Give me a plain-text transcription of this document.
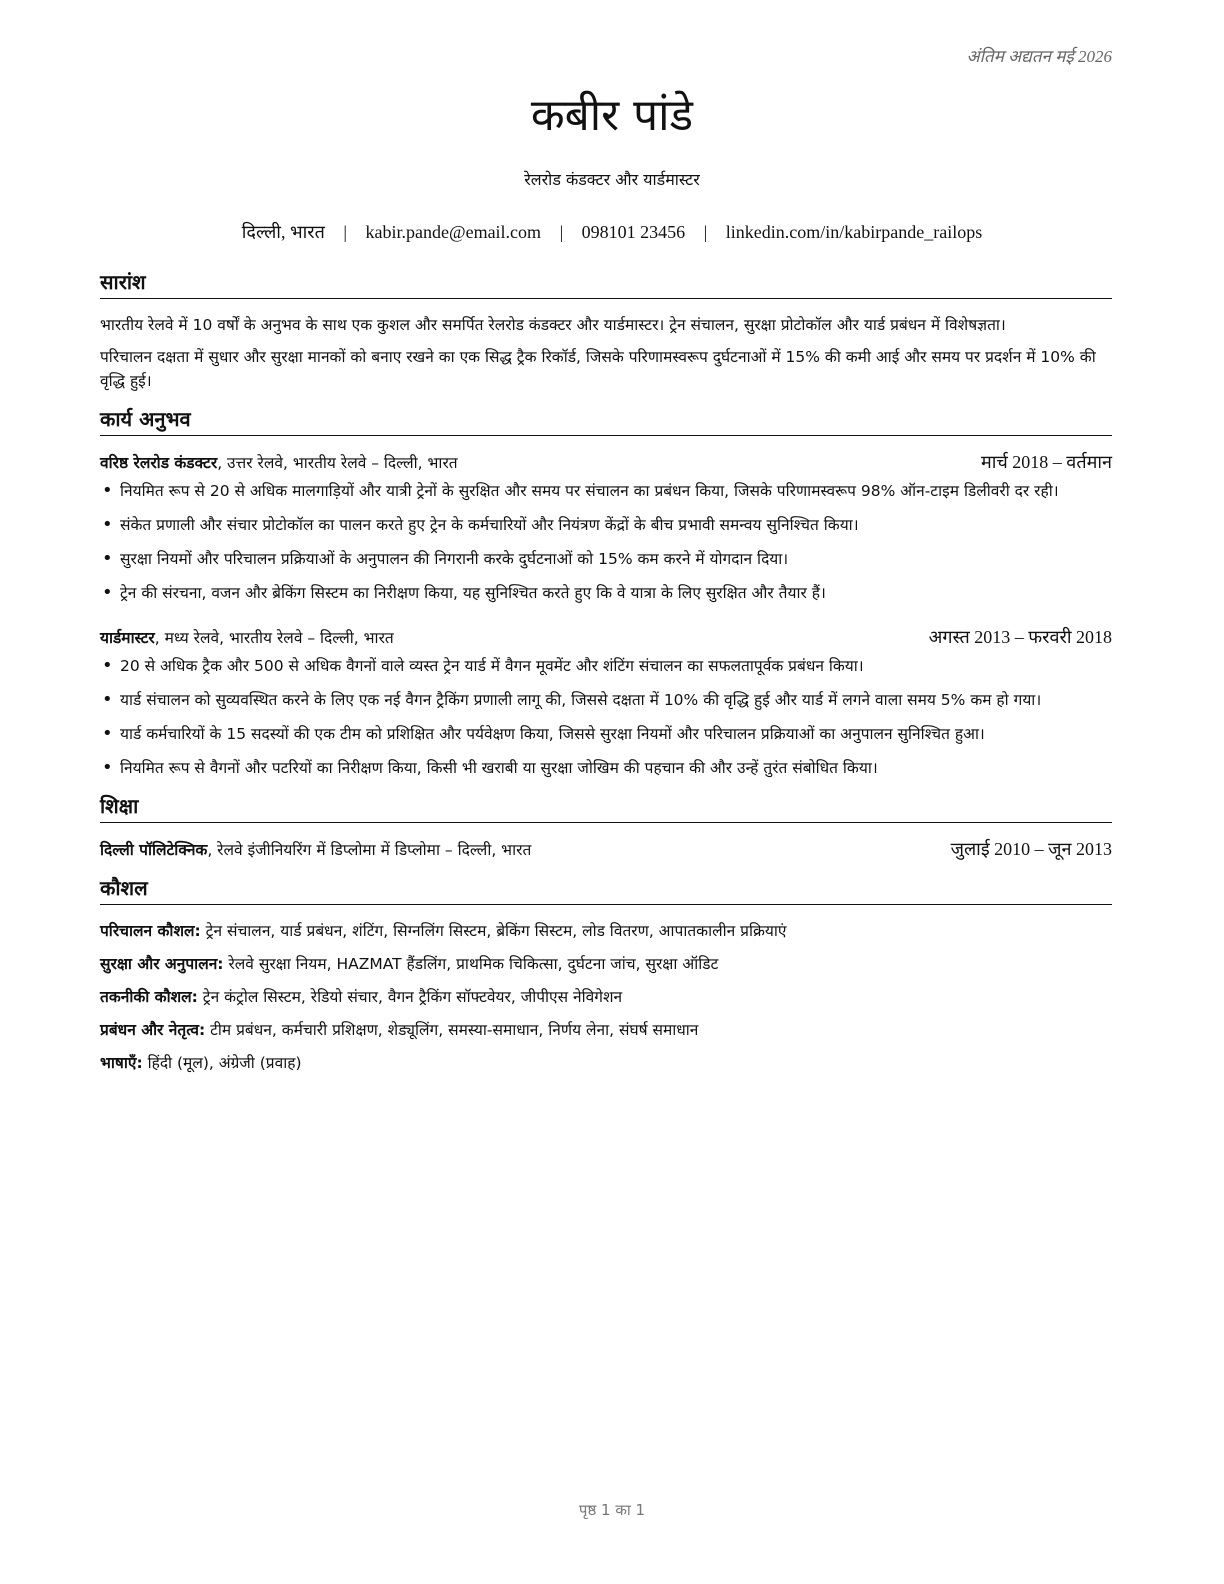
अंतिम अद्यतन मई 2026
कबीर पांडे
रेलरोड कंडक्टर और यार्डमास्टर
दिल्ली, भारत | kabir.pande@email.com | 098101 23456 | linkedin.com/in/kabirpande_railops
सारांश

भारतीय रेलवे में 10 वर्षों के अनुभव के साथ एक कुशल और समर्पित रेलरोड कंडक्टर और यार्डमास्टर। ट्रेन संचालन, सुरक्षा प्रोटोकॉल और यार्ड प्रबंधन में विशेषज्ञता।

परिचालन दक्षता में सुधार और सुरक्षा मानकों को बनाए रखने का एक सिद्ध ट्रैक रिकॉर्ड, जिसके परिणामस्वरूप दुर्घटनाओं में 15% की कमी आई और समय पर प्रदर्शन में 10% की वृद्धि हुई।

कार्य अनुभव
वरिष्ठ रेलरोड कंडक्टर, उत्तर रेलवे, भारतीय रेलवे – दिल्ली, भारत	मार्च 2018 – वर्तमान
• नियमित रूप से 20 से अधिक मालगाड़ियों और यात्री ट्रेनों के सुरक्षित और समय पर संचालन का प्रबंधन किया, जिसके परिणामस्वरूप 98% ऑन-टाइम डिलीवरी दर रही।
• संकेत प्रणाली और संचार प्रोटोकॉल का पालन करते हुए ट्रेन के कर्मचारियों और नियंत्रण केंद्रों के बीच प्रभावी समन्वय सुनिश्चित किया।
• सुरक्षा नियमों और परिचालन प्रक्रियाओं के अनुपालन की निगरानी करके दुर्घटनाओं को 15% कम करने में योगदान दिया।
• ट्रेन की संरचना, वजन और ब्रेकिंग सिस्टम का निरीक्षण किया, यह सुनिश्चित करते हुए कि वे यात्रा के लिए सुरक्षित और तैयार हैं।
यार्डमास्टर, मध्य रेलवे, भारतीय रेलवे – दिल्ली, भारत	अगस्त 2013 – फरवरी 2018
• 20 से अधिक ट्रैक और 500 से अधिक वैगनों वाले व्यस्त ट्रेन यार्ड में वैगन मूवमेंट और शंटिंग संचालन का सफलतापूर्वक प्रबंधन किया।
• यार्ड संचालन को सुव्यवस्थित करने के लिए एक नई वैगन ट्रैकिंग प्रणाली लागू की, जिससे दक्षता में 10% की वृद्धि हुई और यार्ड में लगने वाला समय 5% कम हो गया।
• यार्ड कर्मचारियों के 15 सदस्यों की एक टीम को प्रशिक्षित और पर्यवेक्षण किया, जिससे सुरक्षा नियमों और परिचालन प्रक्रियाओं का अनुपालन सुनिश्चित हुआ।
• नियमित रूप से वैगनों और पटरियों का निरीक्षण किया, किसी भी खराबी या सुरक्षा जोखिम की पहचान की और उन्हें तुरंत संबोधित किया।
शिक्षा
दिल्ली पॉलिटेक्निक, रेलवे इंजीनियरिंग में डिप्लोमा में डिप्लोमा – दिल्ली, भारत	जुलाई 2010 – जून 2013
कौशल
परिचालन कौशल: ट्रेन संचालन, यार्ड प्रबंधन, शंटिंग, सिग्नलिंग सिस्टम, ब्रेकिंग सिस्टम, लोड वितरण, आपातकालीन प्रक्रियाएं
सुरक्षा और अनुपालन: रेलवे सुरक्षा नियम, HAZMAT हैंडलिंग, प्राथमिक चिकित्सा, दुर्घटना जांच, सुरक्षा ऑडिट
तकनीकी कौशल: ट्रेन कंट्रोल सिस्टम, रेडियो संचार, वैगन ट्रैकिंग सॉफ्टवेयर, जीपीएस नेविगेशन
प्रबंधन और नेतृत्व: टीम प्रबंधन, कर्मचारी प्रशिक्षण, शेड्यूलिंग, समस्या-समाधान, निर्णय लेना, संघर्ष समाधान
भाषाएँ: हिंदी (मूल), अंग्रेजी (प्रवाह)
पृष्ठ 1 का 1
